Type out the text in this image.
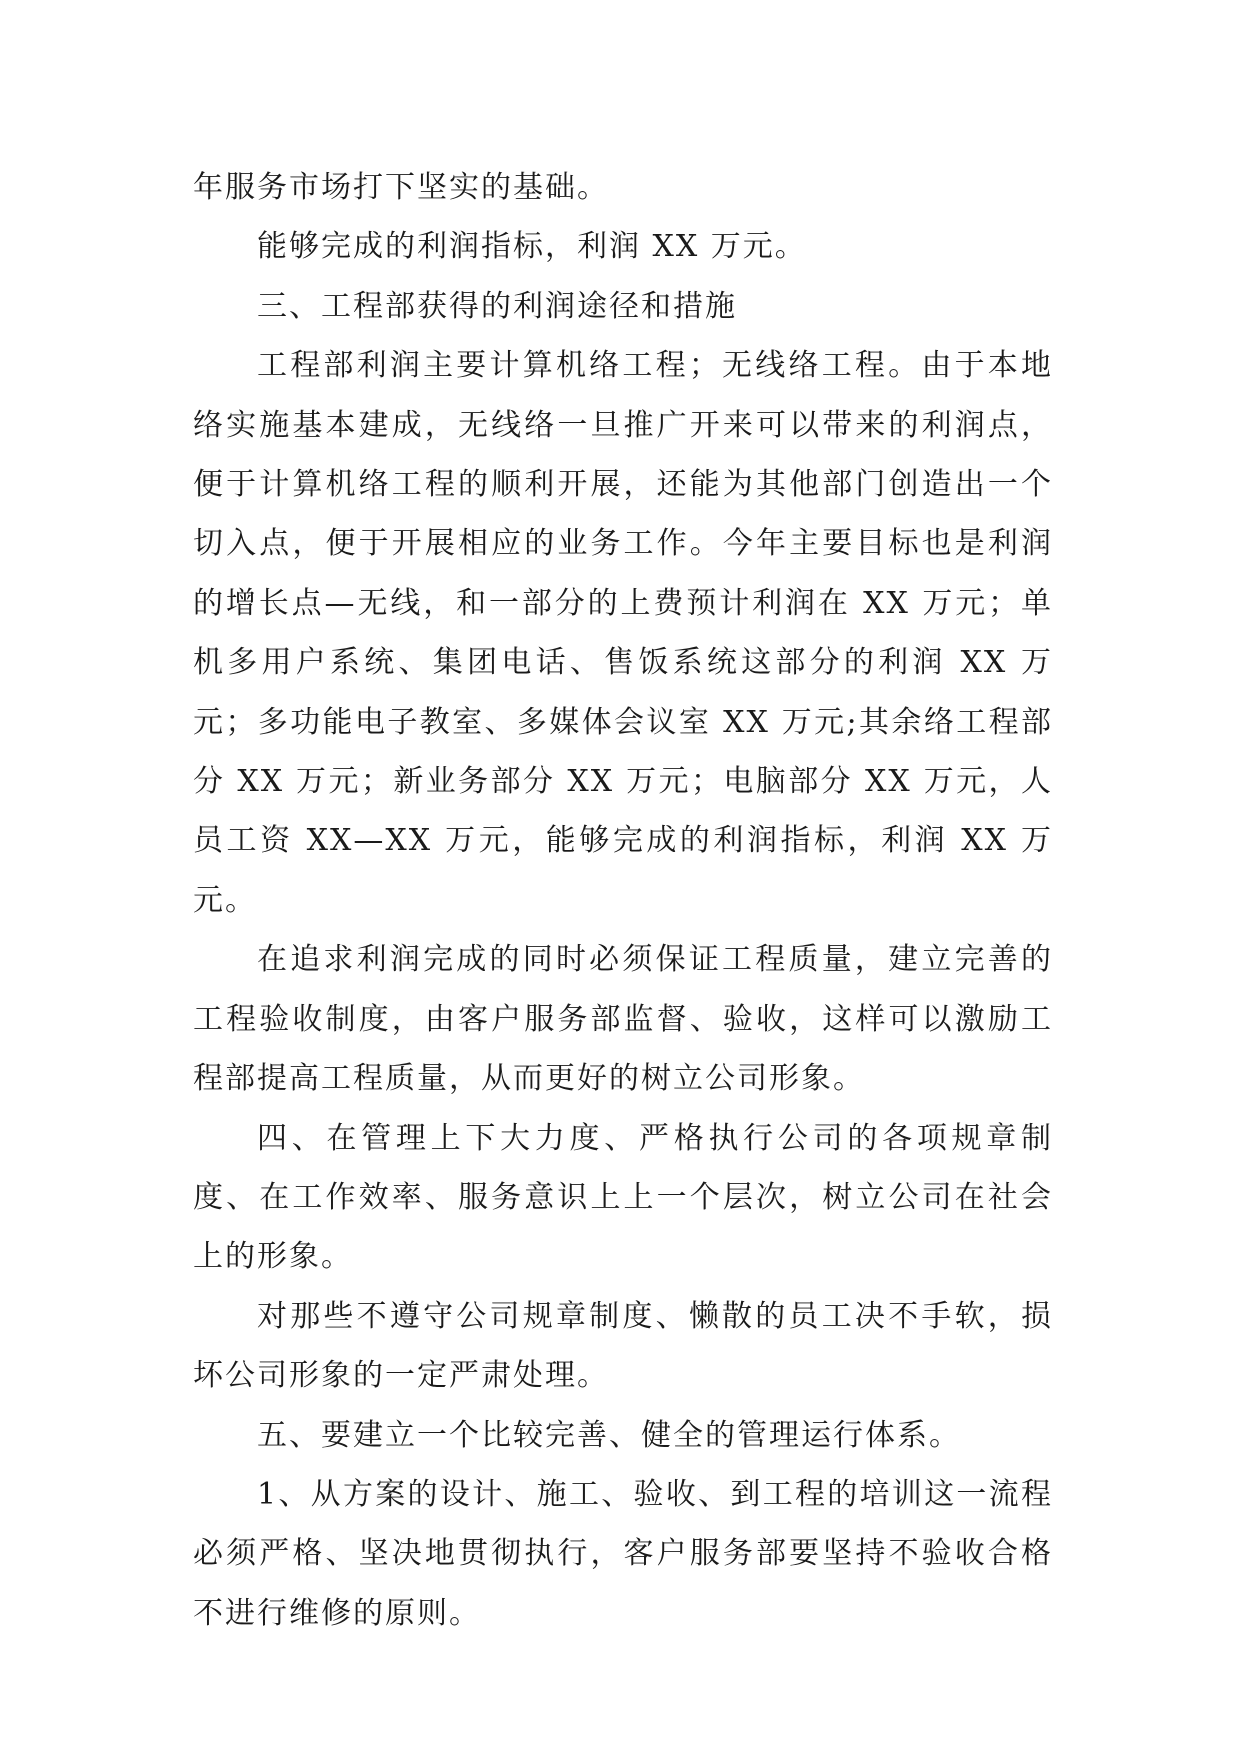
年服务市场打下坚实的基础。

能够完成的利润指标，利润 XX 万元。

三、工程部获得的利润途径和措施

工程部利润主要计算机络工程；无线络工程。由于本地络实施基本建成，无线络一旦推广开来可以带来的利润点，便于计算机络工程的顺利开展，还能为其他部门创造出一个切入点，便于开展相应的业务工作。今年主要目标也是利润的增长点—无线，和一部分的上费预计利润在 XX 万元；单机多用户系统、集团电话、售饭系统这部分的利润 XX 万元；多功能电子教室、多媒体会议室 XX 万元;其余络工程部分 XX 万元；新业务部分 XX 万元；电脑部分 XX 万元，人员工资 XX—XX 万元，能够完成的利润指标，利润 XX 万元。

在追求利润完成的同时必须保证工程质量，建立完善的工程验收制度，由客户服务部监督、验收，这样可以激励工程部提高工程质量，从而更好的树立公司形象。

四、在管理上下大力度、严格执行公司的各项规章制度、在工作效率、服务意识上上一个层次，树立公司在社会上的形象。

对那些不遵守公司规章制度、懒散的员工决不手软，损坏公司形象的一定严肃处理。

五、要建立一个比较完善、健全的管理运行体系。

1、从方案的设计、施工、验收、到工程的培训这一流程必须严格、坚决地贯彻执行，客户服务部要坚持不验收合格不进行维修的原则。
